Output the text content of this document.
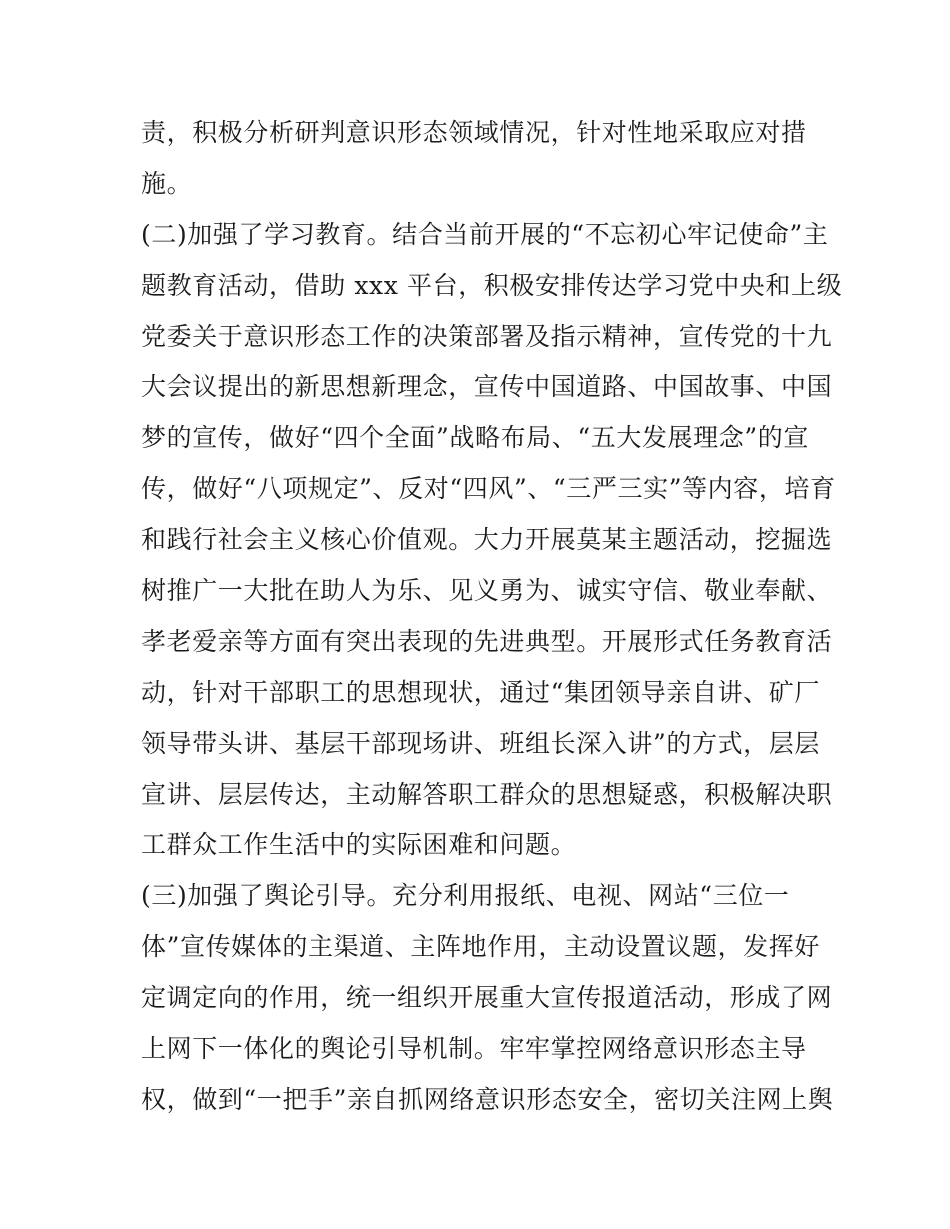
责，积极分析研判意识形态领域情况，针对性地采取应对措
施。
(二)加强了学习教育。结合当前开展的“不忘初心牢记使命”主
题教育活动，借助 xxx 平台，积极安排传达学习党中央和上级
党委关于意识形态工作的决策部署及指示精神，宣传党的十九
大会议提出的新思想新理念，宣传中国道路、中国故事、中国
梦的宣传，做好“四个全面”战略布局、“五大发展理念”的宣
传，做好“八项规定”、反对“四风”、“三严三实”等内容，培育
和践行社会主义核心价值观。大力开展莫某主题活动，挖掘选
树推广一大批在助人为乐、见义勇为、诚实守信、敬业奉献、
孝老爱亲等方面有突出表现的先进典型。开展形式任务教育活
动，针对干部职工的思想现状，通过“集团领导亲自讲、矿厂
领导带头讲、基层干部现场讲、班组长深入讲”的方式，层层
宣讲、层层传达，主动解答职工群众的思想疑惑，积极解决职
工群众工作生活中的实际困难和问题。
(三)加强了舆论引导。充分利用报纸、电视、网站“三位一
体”宣传媒体的主渠道、主阵地作用，主动设置议题，发挥好
定调定向的作用，统一组织开展重大宣传报道活动，形成了网
上网下一体化的舆论引导机制。牢牢掌控网络意识形态主导
权，做到“一把手”亲自抓网络意识形态安全，密切关注网上舆
